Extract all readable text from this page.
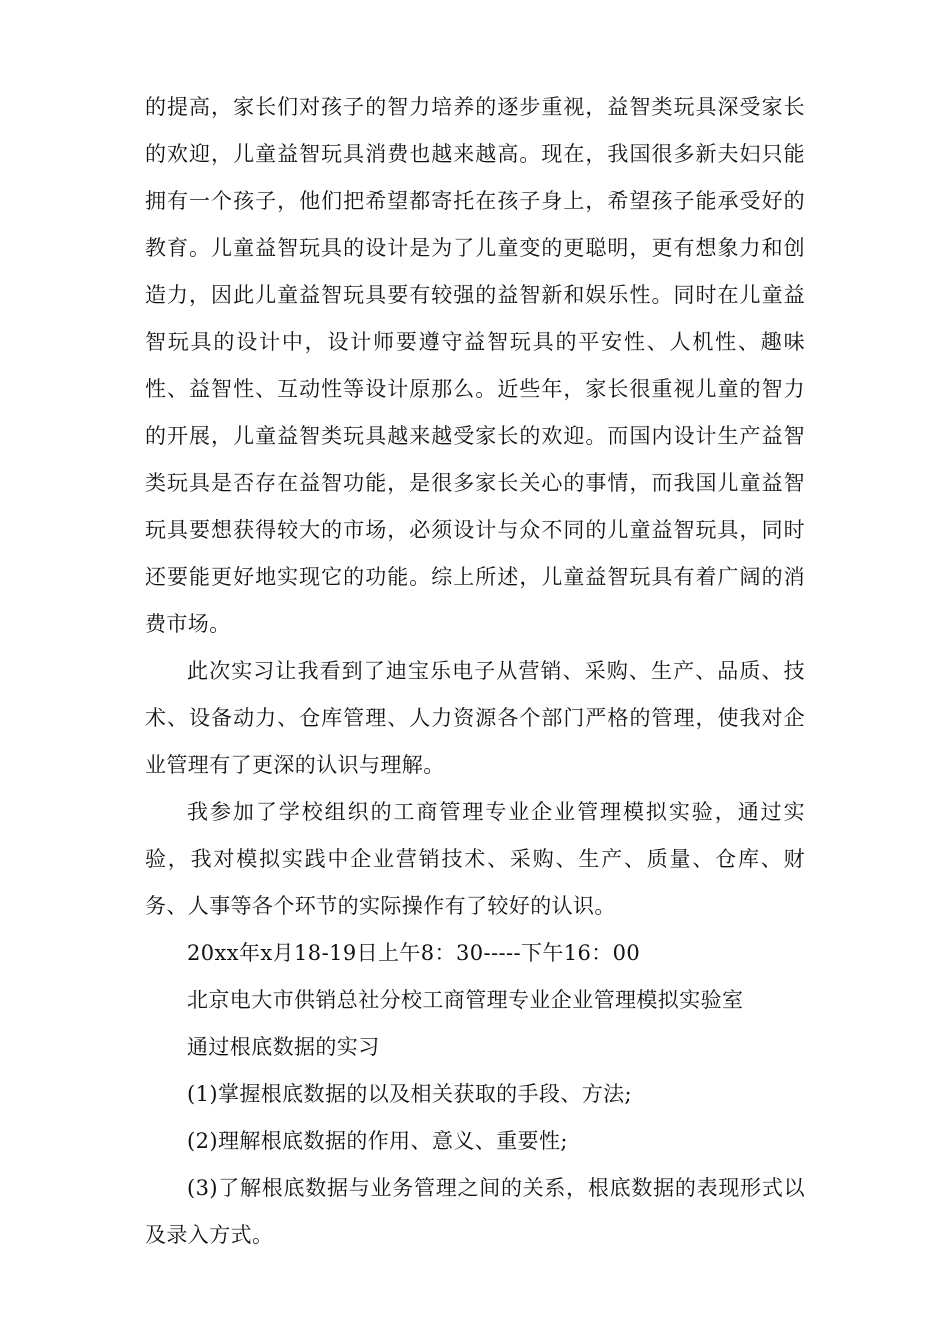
的提高，家长们对孩子的智力培养的逐步重视，益智类玩具深受家长的欢迎，儿童益智玩具消费也越来越高。现在，我国很多新夫妇只能拥有一个孩子，他们把希望都寄托在孩子身上，希望孩子能承受好的教育。儿童益智玩具的设计是为了儿童变的更聪明，更有想象力和创造力，因此儿童益智玩具要有较强的益智新和娱乐性。同时在儿童益智玩具的设计中，设计师要遵守益智玩具的平安性、人机性、趣味性、益智性、互动性等设计原那么。近些年，家长很重视儿童的智力的开展，儿童益智类玩具越来越受家长的欢迎。而国内设计生产益智类玩具是否存在益智功能，是很多家长关心的事情，而我国儿童益智玩具要想获得较大的市场，必须设计与众不同的儿童益智玩具，同时还要能更好地实现它的功能。综上所述，儿童益智玩具有着广阔的消费市场。

此次实习让我看到了迪宝乐电子从营销、采购、生产、品质、技术、设备动力、仓库管理、人力资源各个部门严格的管理，使我对企业管理有了更深的认识与理解。

我参加了学校组织的工商管理专业企业管理模拟实验，通过实验，我对模拟实践中企业营销技术、采购、生产、质量、仓库、财务、人事等各个环节的实际操作有了较好的认识。

20xx年x月18-19日上午8：30-----下午16：00

北京电大市供销总社分校工商管理专业企业管理模拟实验室

通过根底数据的实习

(1)掌握根底数据的以及相关获取的手段、方法;

(2)理解根底数据的作用、意义、重要性;

(3)了解根底数据与业务管理之间的关系，根底数据的表现形式以及录入方式。
